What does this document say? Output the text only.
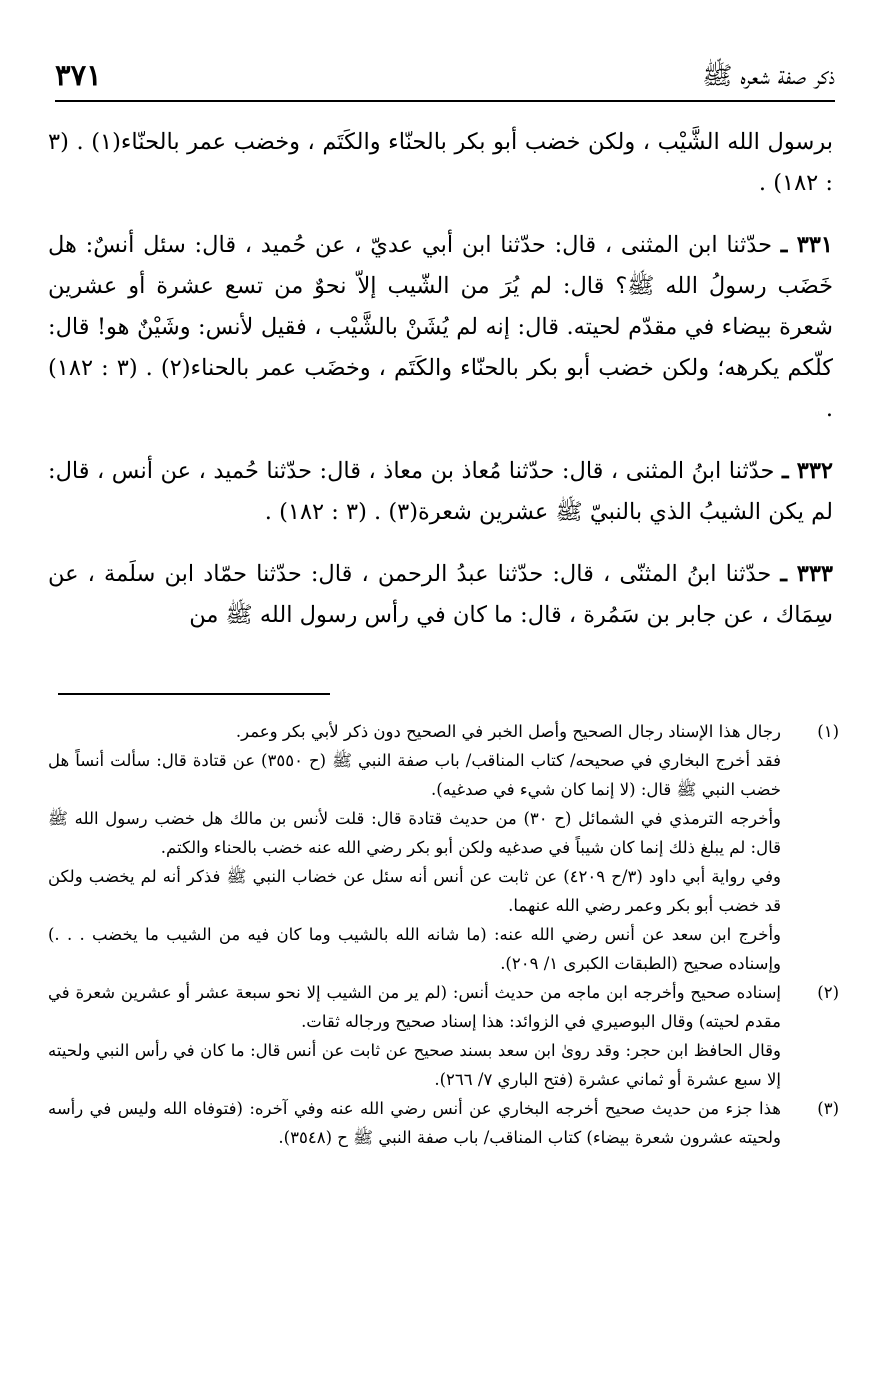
ذكر صفة شعره ﷺ
٣٧١

برسول الله الشَّيْب ، ولكن خضب أبو بكر بالحنّاء والكَتَم ، وخضب عمر بالحنّاء(١) . (٣ : ١٨٢) .

٣٣١ ـ حدّثنا ابن المثنى ، قال: حدّثنا ابن أبي عديّ ، عن حُميد ، قال: سئل أنسٌ: هل خَضَب رسولُ الله ﷺ؟ قال: لم يُرَ من الشّيب إلاّ نحوٌ من تسع عشرة أو عشرين شعرة بيضاء في مقدّم لحيته. قال: إنه لم يُشَنْ بالشَّيْب ، فقيل لأنس: وشَيْنٌ هو! قال: كلّكم يكرهه؛ ولكن خضب أبو بكر بالحنّاء والكَتَم ، وخضَب عمر بالحناء(٢) . (٣ : ١٨٢) .

٣٣٢ ـ حدّثنا ابنُ المثنى ، قال: حدّثنا مُعاذ بن معاذ ، قال: حدّثنا حُميد ، عن أنس ، قال: لم يكن الشيبُ الذي بالنبيّ ﷺ عشرين شعرة(٣) . (٣ : ١٨٢) .

٣٣٣ ـ حدّثنا ابنُ المثنّى ، قال: حدّثنا عبدُ الرحمن ، قال: حدّثنا حمّاد ابن سلَمة ، عن سِمَاك ، عن جابر بن سَمُرة ، قال: ما كان في رأس رسول الله ﷺ من

(١)

رجال هذا الإسناد رجال الصحيح وأصل الخبر في الصحيح دون ذكر لأبي بكر وعمر.

فقد أخرج البخاري في صحيحه/ كتاب المناقب/ باب صفة النبي ﷺ (ح ٣٥٥٠) عن قتادة قال: سألت أنساً هل خضب النبي ﷺ قال: (لا إنما كان شيء في صدغيه).

وأخرجه الترمذي في الشمائل (ح ٣٠) من حديث قتادة قال: قلت لأنس بن مالك هل خضب رسول الله ﷺ قال: لم يبلغ ذلك إنما كان شيباً في صدغيه ولكن أبو بكر رضي الله عنه خضب بالحناء والكتم.

وفي رواية أبي داود (٣/ح ٤٢٠٩) عن ثابت عن أنس أنه سئل عن خضاب النبي ﷺ فذكر أنه لم يخضب ولكن قد خضب أبو بكر وعمر رضي الله عنهما.

وأخرج ابن سعد عن أنس رضي الله عنه: (ما شانه الله بالشيب وما كان فيه من الشيب ما يخضب . . .) وإسناده صحيح (الطبقات الكبرى ١/ ٢٠٩).

(٢)

إسناده صحيح وأخرجه ابن ماجه من حديث أنس: (لم ير من الشيب إلا نحو سبعة عشر أو عشرين شعرة في مقدم لحيته) وقال البوصيري في الزوائد: هذا إسناد صحيح ورجاله ثقات.

وقال الحافظ ابن حجر: وقد روىٰ ابن سعد بسند صحيح عن ثابت عن أنس قال: ما كان في رأس النبي ولحيته إلا سبع عشرة أو ثماني عشرة (فتح الباري ٧/ ٢٦٦).

(٣)

هذا جزء من حديث صحيح أخرجه البخاري عن أنس رضي الله عنه وفي آخره: (فتوفاه الله وليس في رأسه ولحيته عشرون شعرة بيضاء) كتاب المناقب/ باب صفة النبي ﷺ ح (٣٥٤٨).
